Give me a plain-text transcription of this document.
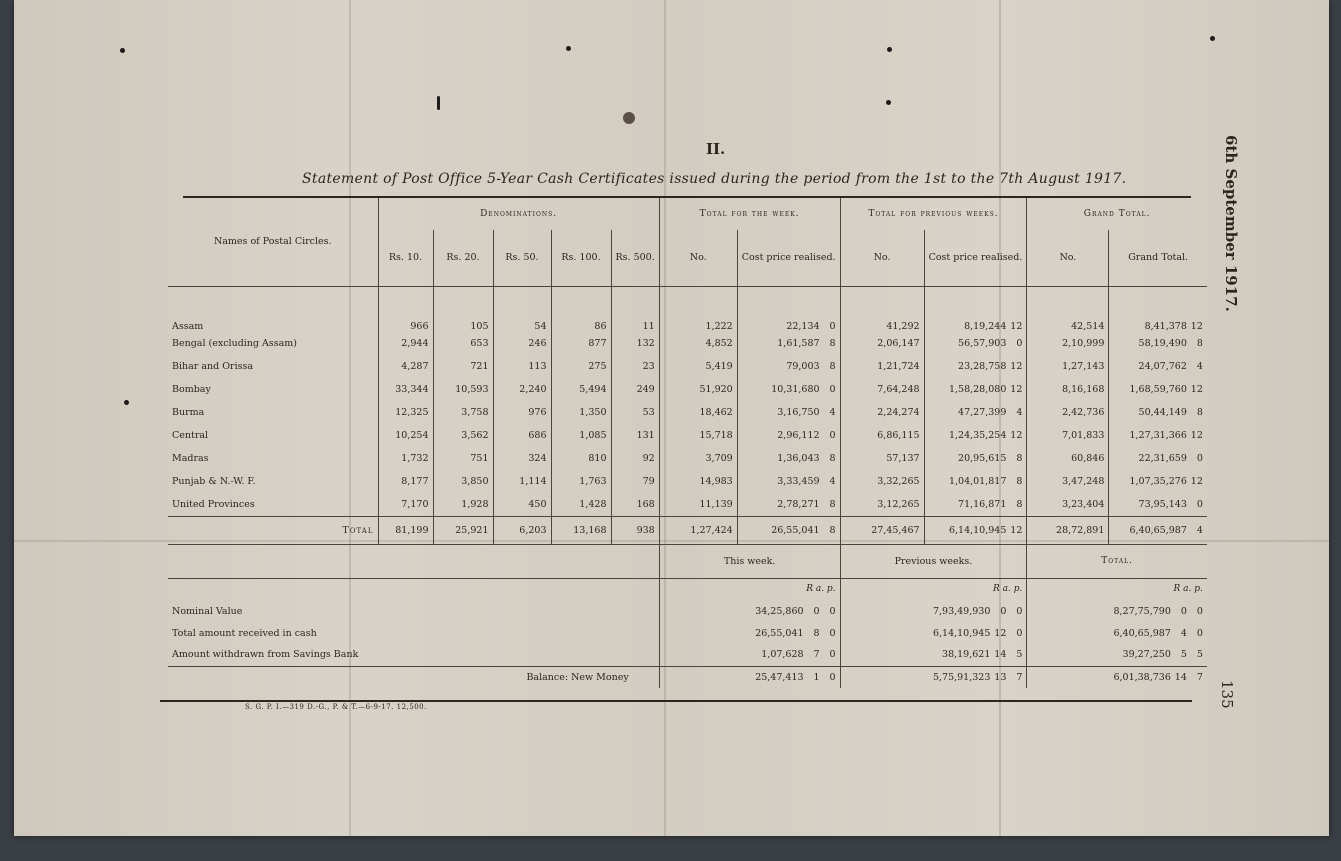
II.
Statement of Post Office 5-Year Cash Certificates issued during the period from the 1st to the 7th August 1917.	6th September 1917.
135
Names of Postal Circles.	Denominations.					Total for the week.		Total for previous weeks.		Grand Total.	
	Rs. 10.	Rs. 20.	Rs. 50.	Rs. 100.	Rs. 500.	No.	Cost price realised.	No.	Cost price realised.	No.	Grand Total.
Assam	966	105	54	86	11	1,222	22,134 0	41,292	8,19,244 12	42,514	8,41,378 12
Bengal (excluding Assam)	2,944	653	246	877	132	4,852	1,61,587 8	2,06,147	56,57,903 0	2,10,999	58,19,490 8
Bihar and Orissa	4,287	721	113	275	23	5,419	79,003 8	1,21,724	23,28,758 12	1,27,143	24,07,762 4
Bombay	33,344	10,593	2,240	5,494	249	51,920	10,31,680 0	7,64,248	1,58,28,080 12	8,16,168	1,68,59,760 12
Burma	12,325	3,758	976	1,350	53	18,462	3,16,750 4	2,24,274	47,27,399 4	2,42,736	50,44,149 8
Central	10,254	3,562	686	1,085	131	15,718	2,96,112 0	6,86,115	1,24,35,254 12	7,01,833	1,27,31,366 12
Madras	1,732	751	324	810	92	3,709	1,36,043 8	57,137	20,95,615 8	60,846	22,31,659 0
Punjab & N.-W. F.	8,177	3,850	1,114	1,763	79	14,983	3,33,459 4	3,32,265	1,04,01,817 8	3,47,248	1,07,35,276 12
United Provinces	7,170	1,928	450	1,428	168	11,139	2,78,271 8	3,12,265	71,16,871 8	3,23,404	73,95,143 0
Total	81,199	25,921	6,203	13,168	938	1,27,424	26,55,041 8	27,45,467	6,14,10,945 12	28,72,891	6,40,65,987 4
						This week.		Previous weeks.		Total.	
						R a. p.		R a. p.		R a. p.	
Nominal Value						34,25,860 0 0		7,93,49,930 0 0		8,27,75,790 0 0	
Total amount received in cash						26,55,041 8 0		6,14,10,945 12 0		6,40,65,987 4 0	
Amount withdrawn from Savings Bank						1,07,628 7 0		38,19,621 14 5		39,27,250 5 5	
Balance: New Money						25,47,413 1 0		5,75,91,323 13 7		6,01,38,736 14 7	
S. G. P. I.—319 D.-G., P. & T.—6-9-17. 12,500.
